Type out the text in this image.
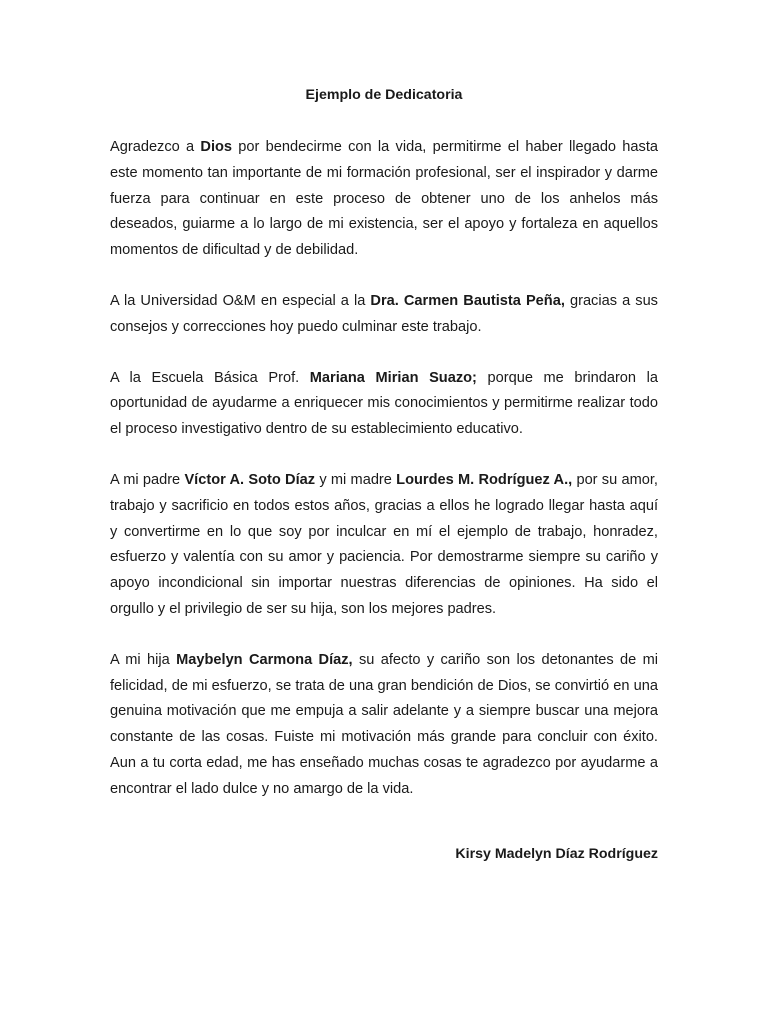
Ejemplo de Dedicatoria
Agradezco a Dios por bendecirme con la vida, permitirme el haber llegado hasta este momento tan importante de mi formación profesional, ser el inspirador y darme fuerza para continuar en este proceso de obtener uno de los anhelos más deseados, guiarme a lo largo de mi existencia, ser el apoyo y fortaleza en aquellos momentos de dificultad y de debilidad.
A la Universidad O&M en especial a la Dra. Carmen Bautista Peña, gracias a sus consejos y correcciones hoy puedo culminar este trabajo.
A la Escuela Básica Prof. Mariana Mirian Suazo; porque me brindaron la oportunidad de ayudarme a enriquecer mis conocimientos y permitirme realizar todo el proceso investigativo dentro de su establecimiento educativo.
A mi padre Víctor A. Soto Díaz y mi madre Lourdes M. Rodríguez A., por su amor, trabajo y sacrificio en todos estos años, gracias a ellos he logrado llegar hasta aquí y convertirme en lo que soy por inculcar en mí el ejemplo de trabajo, honradez, esfuerzo y valentía con su amor y paciencia. Por demostrarme siempre su cariño y apoyo incondicional sin importar nuestras diferencias de opiniones. Ha sido el orgullo y el privilegio de ser su hija, son los mejores padres.
A mi hija Maybelyn Carmona Díaz, su afecto y cariño son los detonantes de mi felicidad, de mi esfuerzo, se trata de una gran bendición de Dios, se convirtió en una genuina motivación que me empuja a salir adelante y a siempre buscar una mejora constante de las cosas. Fuiste mi motivación más grande para concluir con éxito. Aun a tu corta edad, me has enseñado muchas cosas te agradezco por ayudarme a encontrar el lado dulce y no amargo de la vida.
Kirsy Madelyn Díaz Rodríguez
